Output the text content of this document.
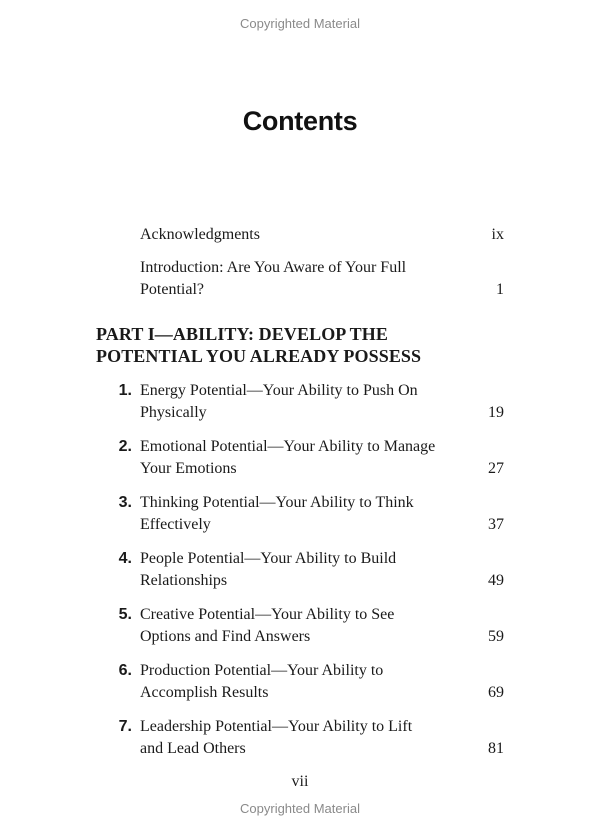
Copyrighted Material
Contents
Acknowledgments	ix
Introduction: Are You Aware of Your Full Potential?	1
PART I—ABILITY: DEVELOP THE
POTENTIAL YOU ALREADY POSSESS
1. Energy Potential—Your Ability to Push On Physically	19
2. Emotional Potential—Your Ability to Manage Your Emotions	27
3. Thinking Potential—Your Ability to Think Effectively	37
4. People Potential—Your Ability to Build Relationships	49
5. Creative Potential—Your Ability to See Options and Find Answers	59
6. Production Potential—Your Ability to Accomplish Results	69
7. Leadership Potential—Your Ability to Lift and Lead Others	81
vii
Copyrighted Material
